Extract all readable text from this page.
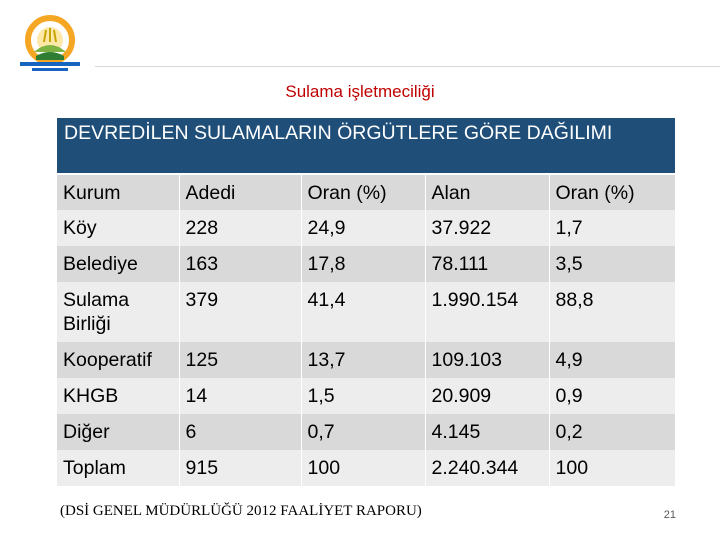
Sulama işletmeciliği
DEVREDİLEN SULAMALARIN ÖRGÜTLERE GÖRE DAĞILIMI
Kurum	Adedi	Oran (%)	Alan	Oran (%)
Köy	228	24,9	37.922	1,7
Belediye	163	17,8	78.111	3,5
Sulama Birliği	379	41,4	1.990.154	88,8
Kooperatif	125	13,7	109.103	4,9
KHGB	14	1,5	20.909	0,9
Diğer	6	0,7	4.145	0,2
Toplam	915	100	2.240.344	100
(DSİ GENEL MÜDÜRLÜĞÜ 2012 FAALİYET RAPORU)	21
